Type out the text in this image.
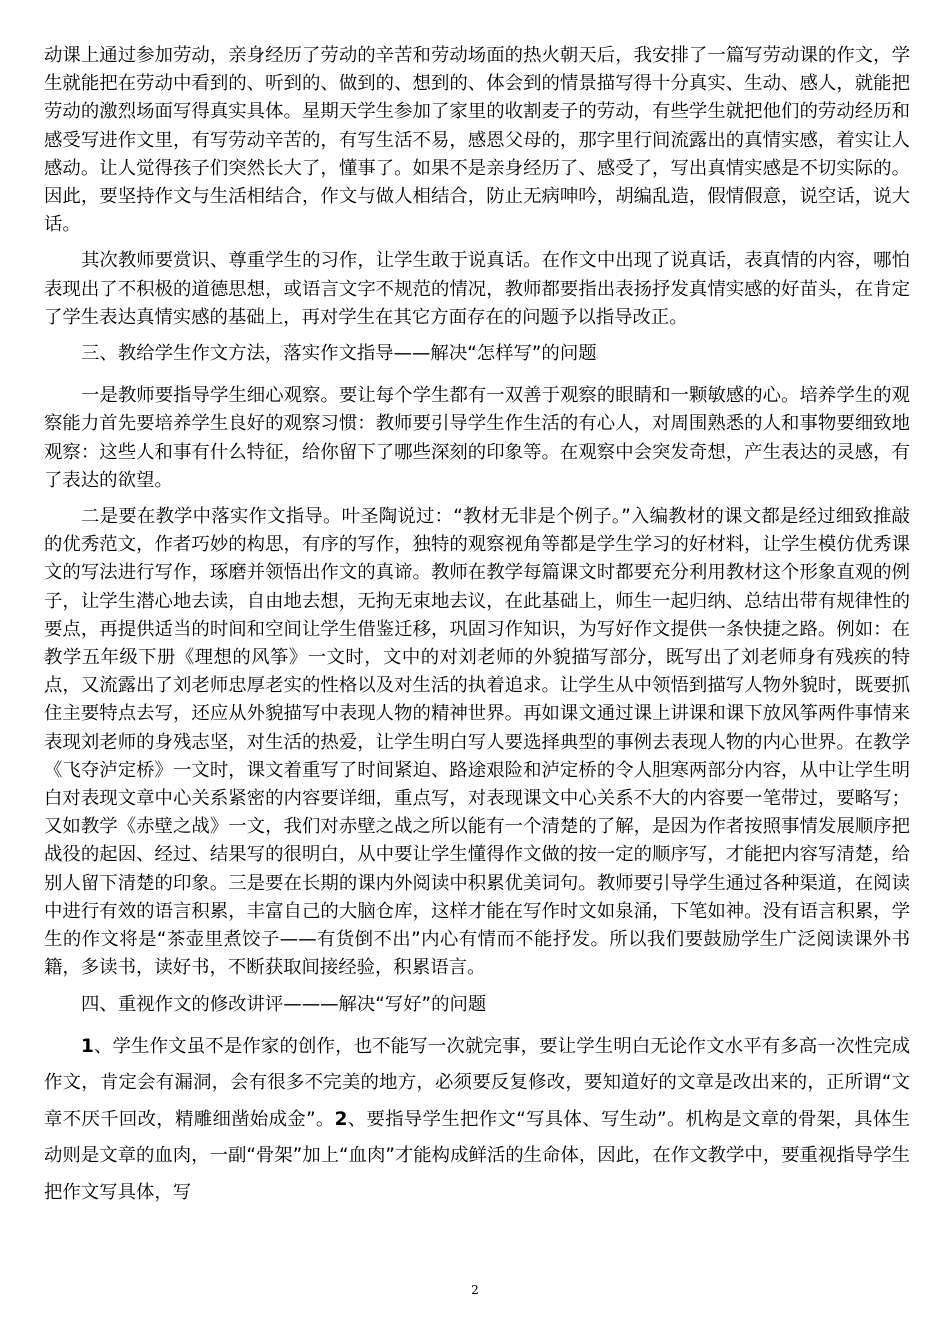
动课上通过参加劳动，亲身经历了劳动的辛苦和劳动场面的热火朝天后，我安排了一篇写劳动课的作文，学生就能把在劳动中看到的、听到的、做到的、想到的、体会到的情景描写得十分真实、生动、感人，就能把劳动的激烈场面写得真实具体。星期天学生参加了家里的收割麦子的劳动，有些学生就把他们的劳动经历和感受写进作文里，有写劳动辛苦的，有写生活不易，感恩父母的，那字里行间流露出的真情实感，着实让人感动。让人觉得孩子们突然长大了，懂事了。如果不是亲身经历了、感受了，写出真情实感是不切实际的。因此，要坚持作文与生活相结合，作文与做人相结合，防止无病呻吟，胡编乱造，假情假意，说空话，说大话。

其次教师要赏识、尊重学生的习作，让学生敢于说真话。在作文中出现了说真话，表真情的内容，哪怕表现出了不积极的道德思想，或语言文字不规范的情况，教师都要指出表扬抒发真情实感的好苗头，在肯定了学生表达真情实感的基础上，再对学生在其它方面存在的问题予以指导改正。

三、教给学生作文方法，落实作文指导——解决“怎样写”的问题

一是教师要指导学生细心观察。要让每个学生都有一双善于观察的眼睛和一颗敏感的心。培养学生的观察能力首先要培养学生良好的观察习惯：教师要引导学生作生活的有心人，对周围熟悉的人和事物要细致地观察：这些人和事有什么特征，给你留下了哪些深刻的印象等。在观察中会突发奇想，产生表达的灵感，有了表达的欲望。

二是要在教学中落实作文指导。叶圣陶说过：“教材无非是个例子。”入编教材的课文都是经过细致推敲的优秀范文，作者巧妙的构思，有序的写作，独特的观察视角等都是学生学习的好材料，让学生模仿优秀课文的写法进行写作，琢磨并领悟出作文的真谛。教师在教学每篇课文时都要充分利用教材这个形象直观的例子，让学生潜心地去读，自由地去想，无拘无束地去议，在此基础上，师生一起归纳、总结出带有规律性的要点，再提供适当的时间和空间让学生借鉴迁移，巩固习作知识，为写好作文提供一条快捷之路。例如：在教学五年级下册《理想的风筝》一文时，文中的对刘老师的外貌描写部分，既写出了刘老师身有残疾的特点，又流露出了刘老师忠厚老实的性格以及对生活的执着追求。让学生从中领悟到描写人物外貌时，既要抓住主要特点去写，还应从外貌描写中表现人物的精神世界。再如课文通过课上讲课和课下放风筝两件事情来表现刘老师的身残志坚，对生活的热爱，让学生明白写人要选择典型的事例去表现人物的内心世界。在教学《飞夺泸定桥》一文时，课文着重写了时间紧迫、路途艰险和泸定桥的令人胆寒两部分内容，从中让学生明白对表现文章中心关系紧密的内容要详细，重点写，对表现课文中心关系不大的内容要一笔带过，要略写；又如教学《赤壁之战》一文，我们对赤壁之战之所以能有一个清楚的了解，是因为作者按照事情发展顺序把战役的起因、经过、结果写的很明白，从中要让学生懂得作文做的按一定的顺序写，才能把内容写清楚，给别人留下清楚的印象。三是要在长期的课内外阅读中积累优美词句。教师要引导学生通过各种渠道，在阅读中进行有效的语言积累，丰富自己的大脑仓库，这样才能在写作时文如泉涌，下笔如神。没有语言积累，学生的作文将是“茶壶里煮饺子——有货倒不出”内心有情而不能抒发。所以我们要鼓励学生广泛阅读课外书籍，多读书，读好书，不断获取间接经验，积累语言。

四、重视作文的修改讲评———解决“写好”的问题

1、学生作文虽不是作家的创作，也不能写一次就完事，要让学生明白无论作文水平有多高一次性完成作文，肯定会有漏洞，会有很多不完美的地方，必须要反复修改，要知道好的文章是改出来的，正所谓“文章不厌千回改，精雕细凿始成金”。2、要指导学生把作文“写具体、写生动”。机构是文章的骨架，具体生动则是文章的血肉，一副“骨架”加上“血肉”才能构成鲜活的生命体，因此，在作文教学中，要重视指导学生把作文写具体，写

2
